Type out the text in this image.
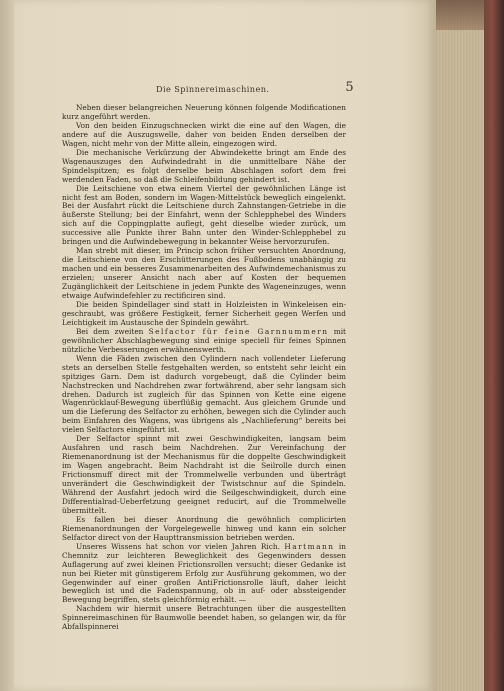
Die Spinnereimaschinen.	5

Neben dieser belangreichen Neuerung können folgende Modificationen kurz angeführt werden.

Von den beiden Einzugschnecken wirkt die eine auf den Wagen, die andere auf die Auszugswelle, daher von beiden Enden derselben der Wagen, nicht mehr von der Mitte allein, eingezogen wird.

Die mechanische Verkürzung der Abwindekette bringt am Ende des Wagenauszuges den Aufwindedraht in die unmittelbare Nähe der Spindelspitzen; es folgt derselbe beim Abschlagen sofort dem frei werdenden Faden, so daß die Schleifenbildung gehindert ist.

Die Leitschiene von etwa einem Viertel der gewöhnlichen Länge ist nicht fest am Boden, sondern im Wagen-Mittelstück beweglich eingelenkt. Bei der Ausfahrt rückt die Leitschiene durch Zahnstangen-Getriebe in die äußerste Stellung; bei der Einfahrt, wenn der Schlepphebel des Winders sich auf die Coppingplatte auflegt, geht dieselbe wieder zurück, um successive alle Punkte ihrer Bahn unter den Winder-Schlepphebel zu bringen und die Aufwindebewegung in bekannter Weise hervorzurufen.

Man strebt mit dieser, im Princip schon früher versuchten Anordnung, die Leitschiene von den Erschütterungen des Fußbodens unabhängig zu machen und ein besseres Zusammenarbeiten des Aufwindemechanismus zu erzielen; unserer Ansicht nach aber auf Kosten der bequemen Zugänglichkeit der Leitschiene in jedem Punkte des Wageneinzuges, wenn etwaige Aufwindefehler zu rectificiren sind.

Die beiden Spindellager sind statt in Holzleisten in Winkeleisen eingeschraubt, was größere Festigkeit, ferner Sicherheit gegen Werfen und Leichtigkeit im Austausche der Spindeln gewährt.

Bei dem zweiten Selfactor für feine Garnnummern mit gewöhnlicher Abschlagbewegung sind einige speciell für feines Spinnen nützliche Verbesserungen erwähnenswerth.

Wenn die Fäden zwischen den Cylindern nach vollendeter Lieferung stets an derselben Stelle festgehalten werden, so entsteht sehr leicht ein spitziges Garn. Dem ist dadurch vorgebeugt, daß die Cylinder beim Nachstrecken und Nachdrehen zwar fortwährend, aber sehr langsam sich drehen. Dadurch ist zugleich für das Spinnen von Kette eine eigene Wagenrücklauf-Bewegung überflüßig gemacht. Aus gleichem Grunde und um die Lieferung des Selfactor zu erhöhen, bewegen sich die Cylinder auch beim Einfahren des Wagens, was übrigens als „Nachlieferung“ bereits bei vielen Selfactors eingeführt ist.

Der Selfactor spinnt mit zwei Geschwindigkeiten, langsam beim Ausfahren und rasch beim Nachdrehen. Zur Vereinfachung der Riemenanordnung ist der Mechanismus für die doppelte Geschwindigkeit im Wagen angebracht. Beim Nachdraht ist die Seilrolle durch einen Frictionsmuff direct mit der Trommelwelle verbunden und überträgt unverändert die Geschwindigkeit der Twistschnur auf die Spindeln. Während der Ausfahrt jedoch wird die Seilgeschwindigkeit, durch eine Differentialrad-Ueberfetzung geeignet reducirt, auf die Trommelwelle übermittelt.

Es fallen bei dieser Anordnung die gewöhnlich complicirten Riemenanordnungen der Vorgelegewelle hinweg und kann ein solcher Selfactor direct von der Haupttransmission betrieben werden.

Unseres Wissens hat schon vor vielen Jahren Rich. Hartmann in Chemnitz zur leichteren Beweglichkeit des Gegenwinders dessen Auflagerung auf zwei kleinen Frictionsrollen versucht; dieser Gedanke ist nun bei Rieter mit günstigerem Erfolg zur Ausführung gekommen, wo der Gegenwinder auf einer großen AntiFrictionsrolle läuft, daher leicht beweglich ist und die Fadenspannung, ob in auf- oder abssteigender Bewegung begriffen, stets gleichförmig erhält. —

Nachdem wir hiermit unsere Betrachtungen über die ausgestellten Spinnereimaschinen für Baumwolle beendet haben, so gelangen wir, da für Abfallspinnerei
